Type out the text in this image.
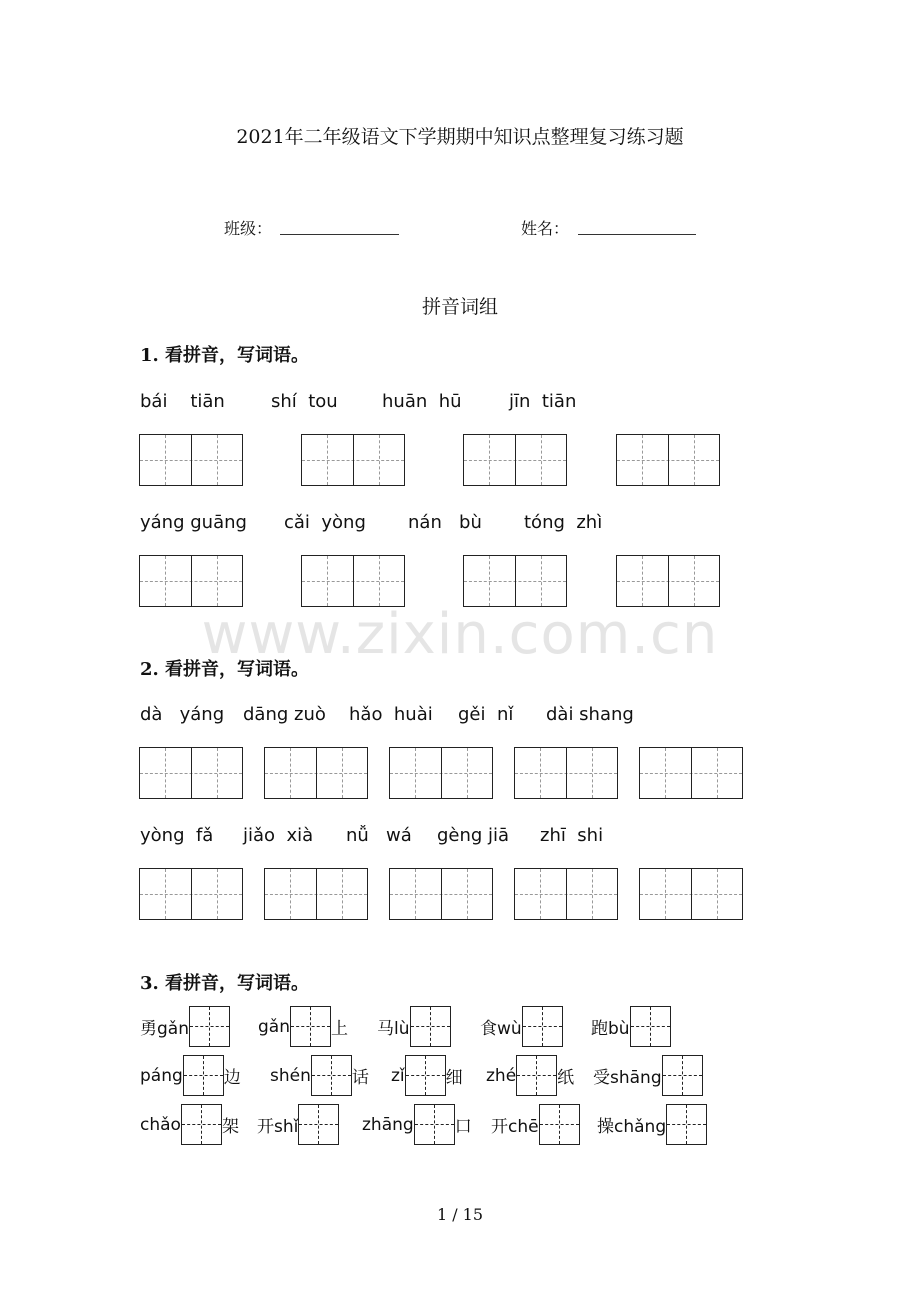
2021年二年级语文下学期期中知识点整理复习练习题
班级：	姓名：
拼音词组
www.zixin.com.cn
1. 看拼音，写词语。
bái    tiān	shí  tou huān  hū	jīn  tiān
yáng guāng cǎi  yòng nán   bù tóng  zhì
2. 看拼音，写词语。
dà   yáng dāng zuò hǎo  huài gěi  nǐ dài shang
yòng  fǎ jiǎo  xià nǚ   wá gèng jiā zhī  shi
3. 看拼音，写词语。
勇gǎn	gǎn 上 马lù	食wù	跑bù
páng 边 shén 话 zǐ 细 zhé 纸 受shāng
chǎo 架 开shǐ	zhāng 口 开chē	操chǎng
1 / 15
